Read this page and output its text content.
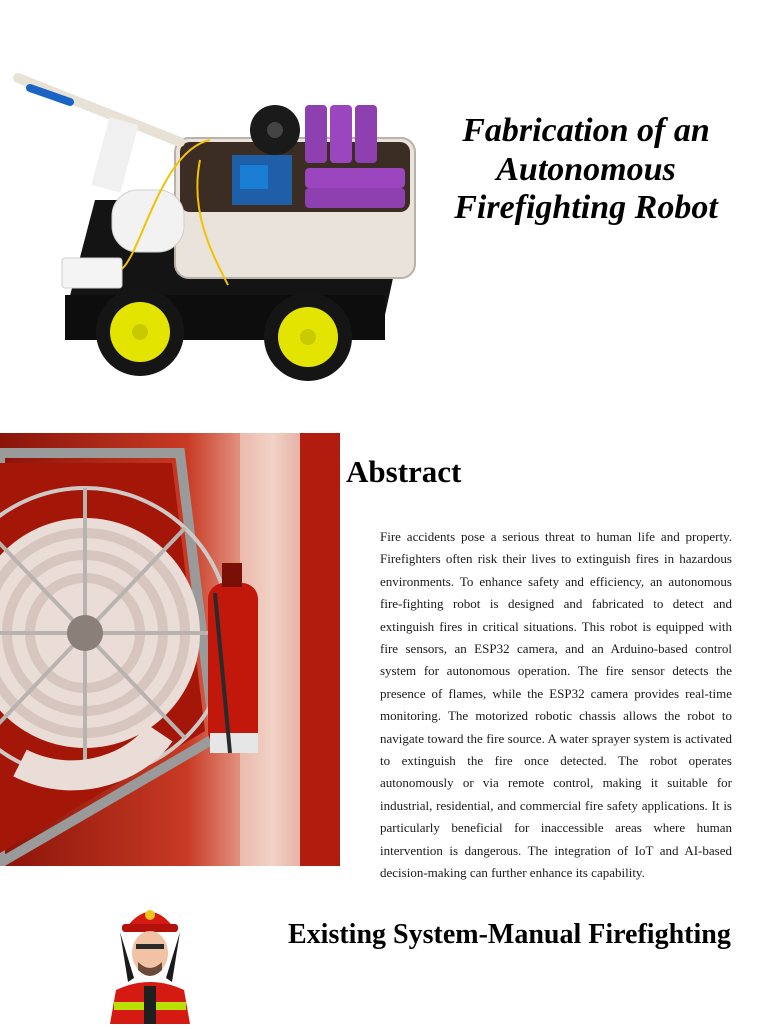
Fabrication of an Autonomous Firefighting Robot
Abstract

Fire accidents pose a serious threat to human life and property. Firefighters often risk their lives to extinguish fires in hazardous environments. To enhance safety and efficiency, an autonomous fire-fighting robot is designed and fabricated to detect and extinguish fires in critical situations. This robot is equipped with fire sensors, an ESP32 camera, and an Arduino-based control system for autonomous operation. The fire sensor detects the presence of flames, while the ESP32 camera provides real-time monitoring. The motorized robotic chassis allows the robot to navigate toward the fire source. A water sprayer system is activated to extinguish the fire once detected. The robot operates autonomously or via remote control, making it suitable for industrial, residential, and commercial fire safety applications. It is particularly beneficial for inaccessible areas where human intervention is dangerous. The integration of IoT and AI-based decision-making can further enhance its capability.

Existing System-Manual Firefighting
